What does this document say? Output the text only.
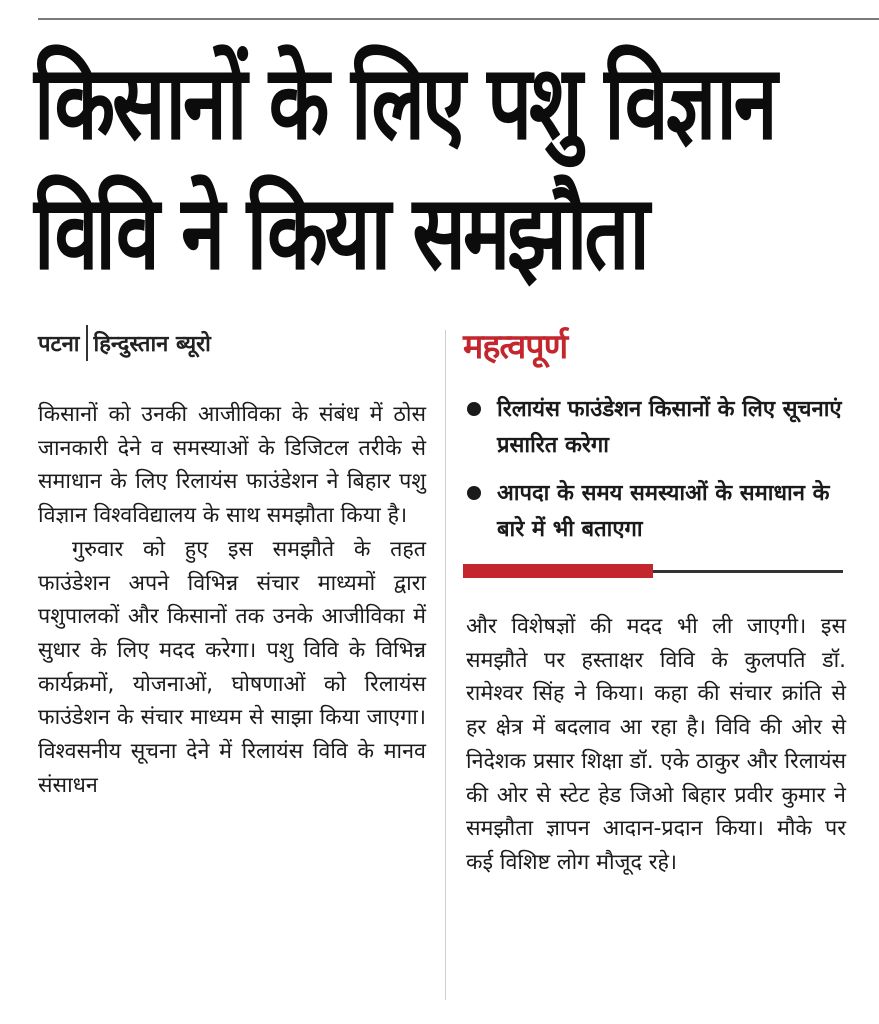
किसानों के लिए पशु विज्ञान
विवि ने किया समझौता
पटना हिन्दुस्तान ब्यूरो

किसानों को उनकी आजीविका के संबंध में ठोस जानकारी देने व समस्याओं के डिजिटल तरीके से समाधान के लिए रिलायंस फाउंडेशन ने बिहार पशु विज्ञान विश्वविद्यालय के साथ समझौता किया है।

गुरुवार को हुए इस समझौते के तहत फाउंडेशन अपने विभिन्न संचार माध्यमों द्वारा पशुपालकों और किसानों तक उनके आजीविका में सुधार के लिए मदद करेगा। पशु विवि के विभिन्न कार्यक्रमों, योजनाओं, घोषणाओं को रिलायंस फाउंडेशन के संचार माध्यम से साझा किया जाएगा। विश्वसनीय सूचना देने में रिलायंस विवि के मानव संसाधन

महत्वपूर्ण
रिलायंस फाउंडेशन किसानों के लिए सूचनाएं प्रसारित करेगा
आपदा के समय समस्याओं के समाधान के बारे में भी बताएगा

और विशेषज्ञों की मदद भी ली जाएगी। इस समझौते पर हस्ताक्षर विवि के कुलपति डॉ. रामेश्वर सिंह ने किया। कहा की संचार क्रांति से हर क्षेत्र में बदलाव आ रहा है। विवि की ओर से निदेशक प्रसार शिक्षा डॉ. एके ठाकुर और रिलायंस की ओर से स्टेट हेड जिओ बिहार प्रवीर कुमार ने समझौता ज्ञापन आदान-प्रदान किया। मौके पर कई विशिष्ट लोग मौजूद रहे।
